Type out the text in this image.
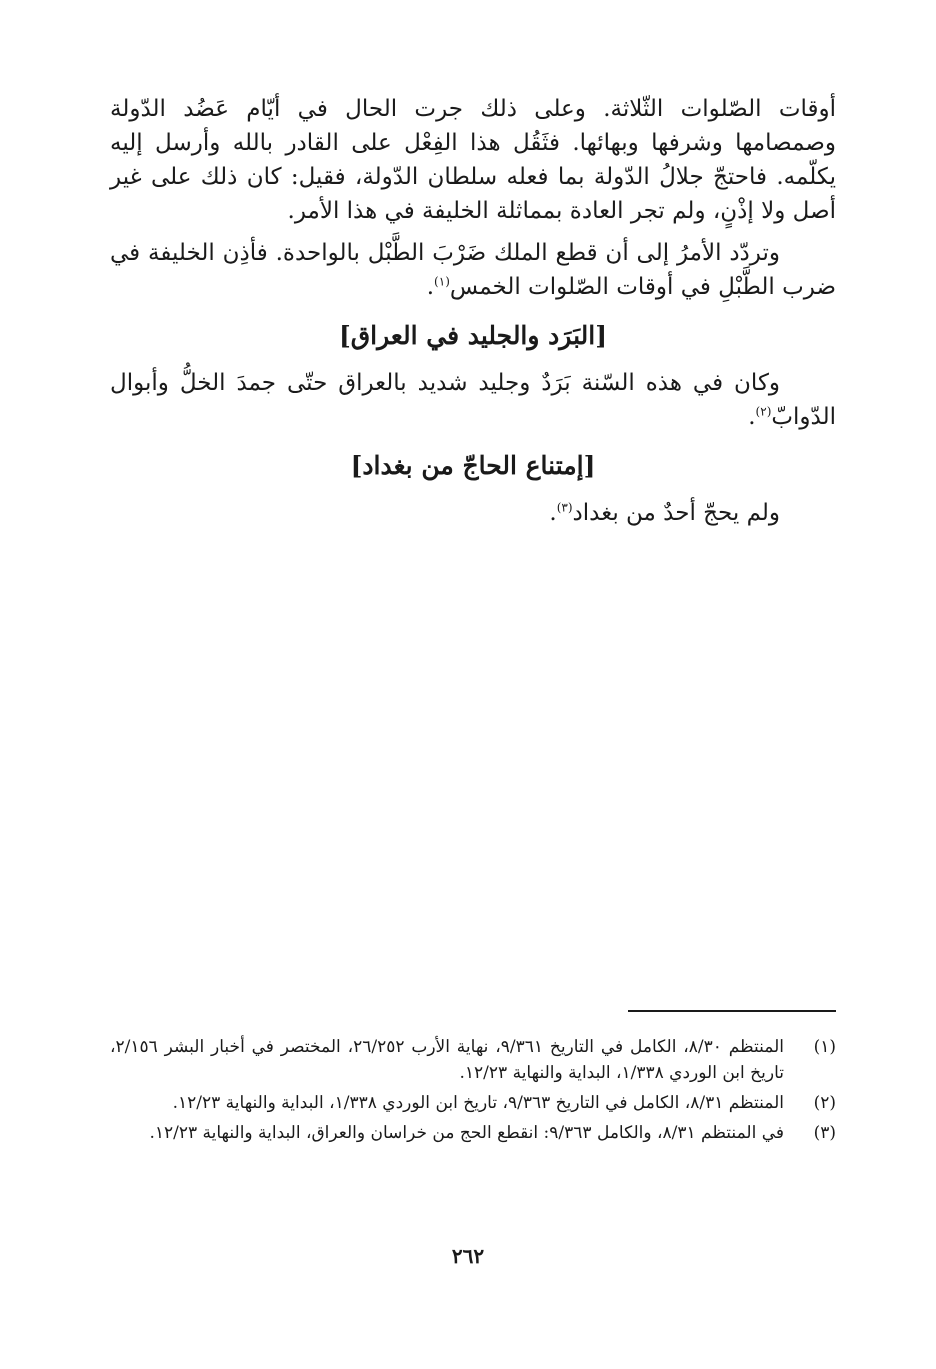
أوقات الصّلوات الثّلاثة. وعلى ذلك جرت الحال في أيّام عَضُد الدّولة وصمصامها وشرفها وبهائها. فثَقُل هذا الفِعْل على القادر بالله وأرسل إليه يكلّمه. فاحتجّ جلالُ الدّولة بما فعله سلطان الدّولة، فقيل: كان ذلك على غير أصل ولا إذْنٍ، ولم تجر العادة بمماثلة الخليفة في هذا الأمر.

وتردّد الأمرُ إلى أن قطع الملك ضَرْبَ الطَّبْل بالواحدة. فأذِن الخليفة في ضرب الطَّبْلِ في أوقات الصّلوات الخمس$^{(١)}$.

[البَرَد والجليد في العراق]

وكان في هذه السّنة بَرَدٌ وجليد شديد بالعراق حتّى جمدَ الخلُّ وأبوال الدّوابّ$^{(٢)}$.

[إمتناع الحاجّ من بغداد]

ولم يحجّ أحدٌ من بغداد$^{(٣)}$.

(١)
المنتظم ٨/٣٠، الكامل في التاريخ ٩/٣٦١، نهاية الأرب ٢٦/٢٥٢، المختصر في أخبار البشر ٢/١٥٦، تاريخ ابن الوردي ١/٣٣٨، البداية والنهاية ١٢/٢٣.
(٢)
المنتظم ٨/٣١، الكامل في التاريخ ٩/٣٦٣، تاريخ ابن الوردي ١/٣٣٨، البداية والنهاية ١٢/٢٣.
(٣)
في المنتظم ٨/٣١، والكامل ٩/٣٦٣: انقطع الحج من خراسان والعراق، البداية والنهاية ١٢/٢٣.
٢٦٢
